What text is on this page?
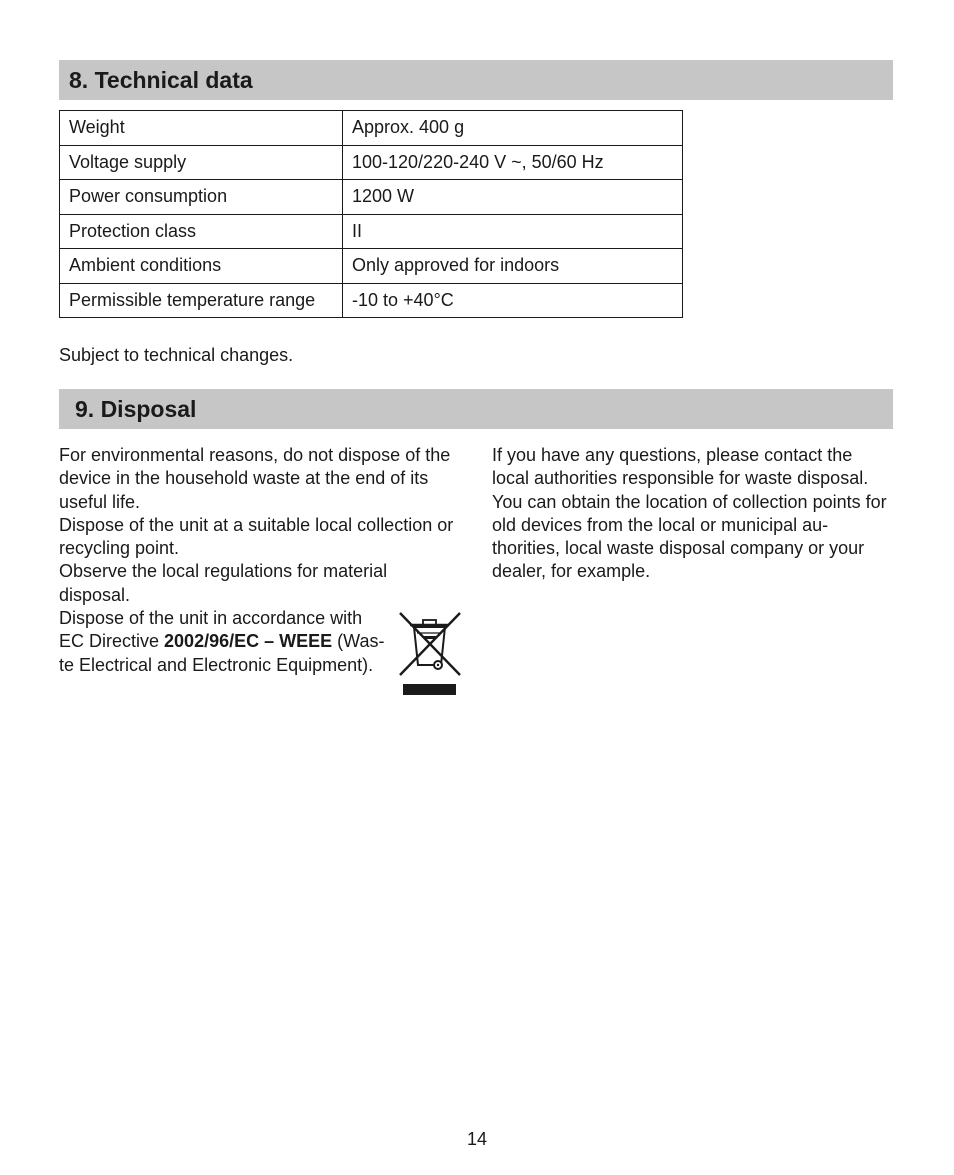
8. Technical data
Weight	Approx. 400 g
Voltage supply	100-120/220-240 V ~, 50/60 Hz
Power consumption	1200 W
Protection class	II
Ambient conditions	Only approved for indoors
Permissible temperature range	-10 to +40°C
Subject to technical changes.
9. Disposal

For environmental reasons, do not dispose of the device in the household waste at the end of its useful life.

Dispose of the unit at a suitable local collection or recycling point.

Observe the local regulations for material disposal.

Dispose of the unit in accordance with
EC Directive 2002/96/EC – WEEE (Was-
te Electrical and Electronic Equipment).

If you have any questions, please contact the local authorities responsible for waste disposal. You can obtain the location of collection points for old devices from the local or municipal au-thorities, local waste disposal company or your dealer, for example.

14
